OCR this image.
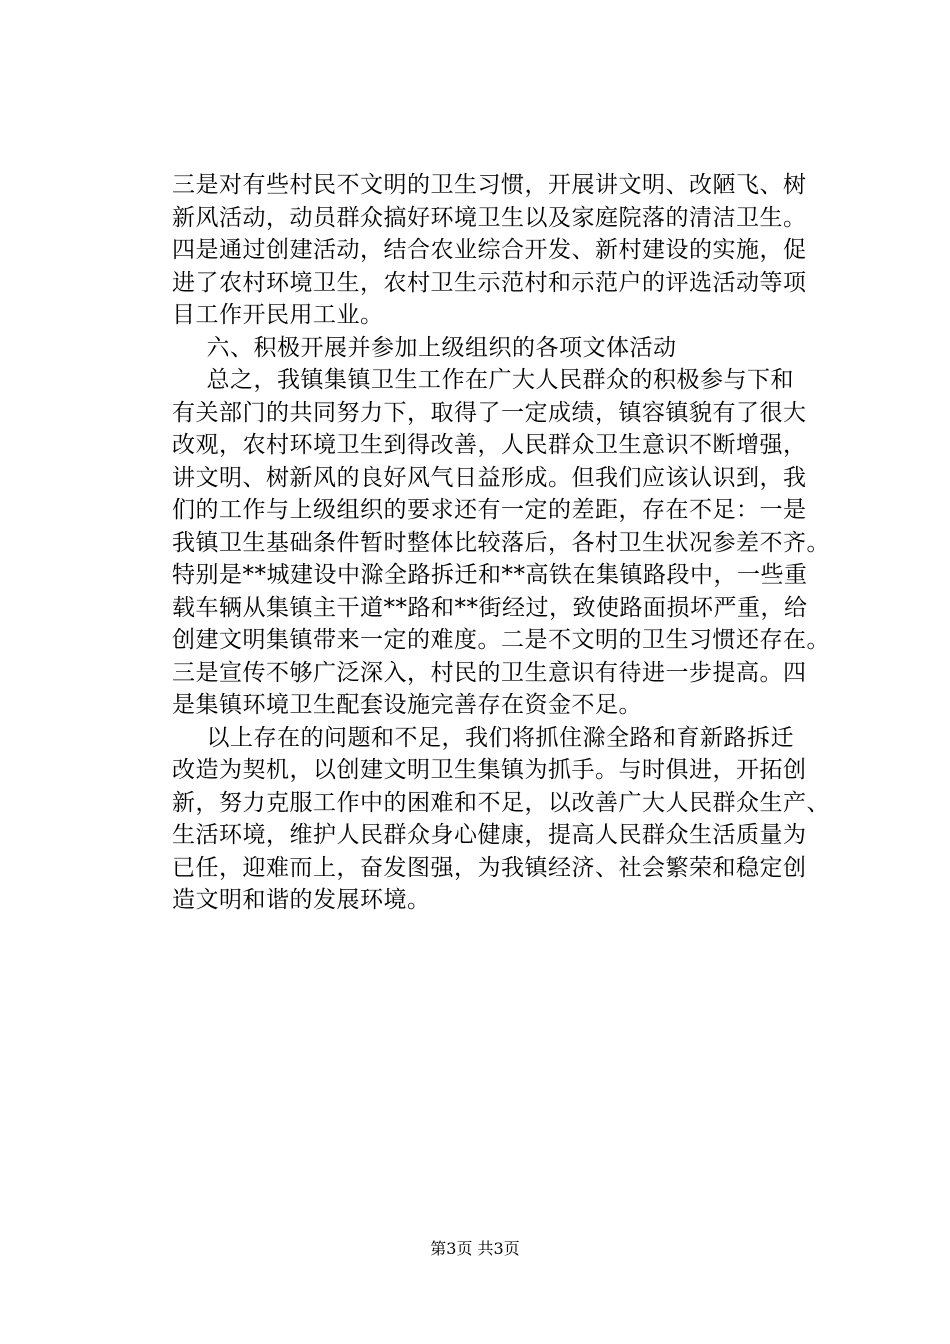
三是对有些村民不文明的卫生习惯，开展讲文明、改陋飞、树
新风活动，动员群众搞好环境卫生以及家庭院落的清洁卫生。
四是通过创建活动，结合农业综合开发、新村建设的实施，促
进了农村环境卫生，农村卫生示范村和示范户的评选活动等项
目工作开民用工业。
　六、积极开展并参加上级组织的各项文体活动
　总之，我镇集镇卫生工作在广大人民群众的积极参与下和
有关部门的共同努力下，取得了一定成绩，镇容镇貌有了很大
改观，农村环境卫生到得改善，人民群众卫生意识不断增强，
讲文明、树新风的良好风气日益形成。但我们应该认识到，我
们的工作与上级组织的要求还有一定的差距，存在不足：一是
我镇卫生基础条件暂时整体比较落后，各村卫生状况参差不齐。
特别是**城建设中滁全路拆迁和**高铁在集镇路段中，一些重
载车辆从集镇主干道**路和**街经过，致使路面损坏严重，给
创建文明集镇带来一定的难度。二是不文明的卫生习惯还存在。
三是宣传不够广泛深入，村民的卫生意识有待进一步提高。四
是集镇环境卫生配套设施完善存在资金不足。
　以上存在的问题和不足，我们将抓住滁全路和育新路拆迁
改造为契机，以创建文明卫生集镇为抓手。与时俱进，开拓创
新，努力克服工作中的困难和不足，以改善广大人民群众生产、
生活环境，维护人民群众身心健康，提高人民群众生活质量为
已任，迎难而上，奋发图强，为我镇经济、社会繁荣和稳定创
造文明和谐的发展环境。
第3页 共3页
